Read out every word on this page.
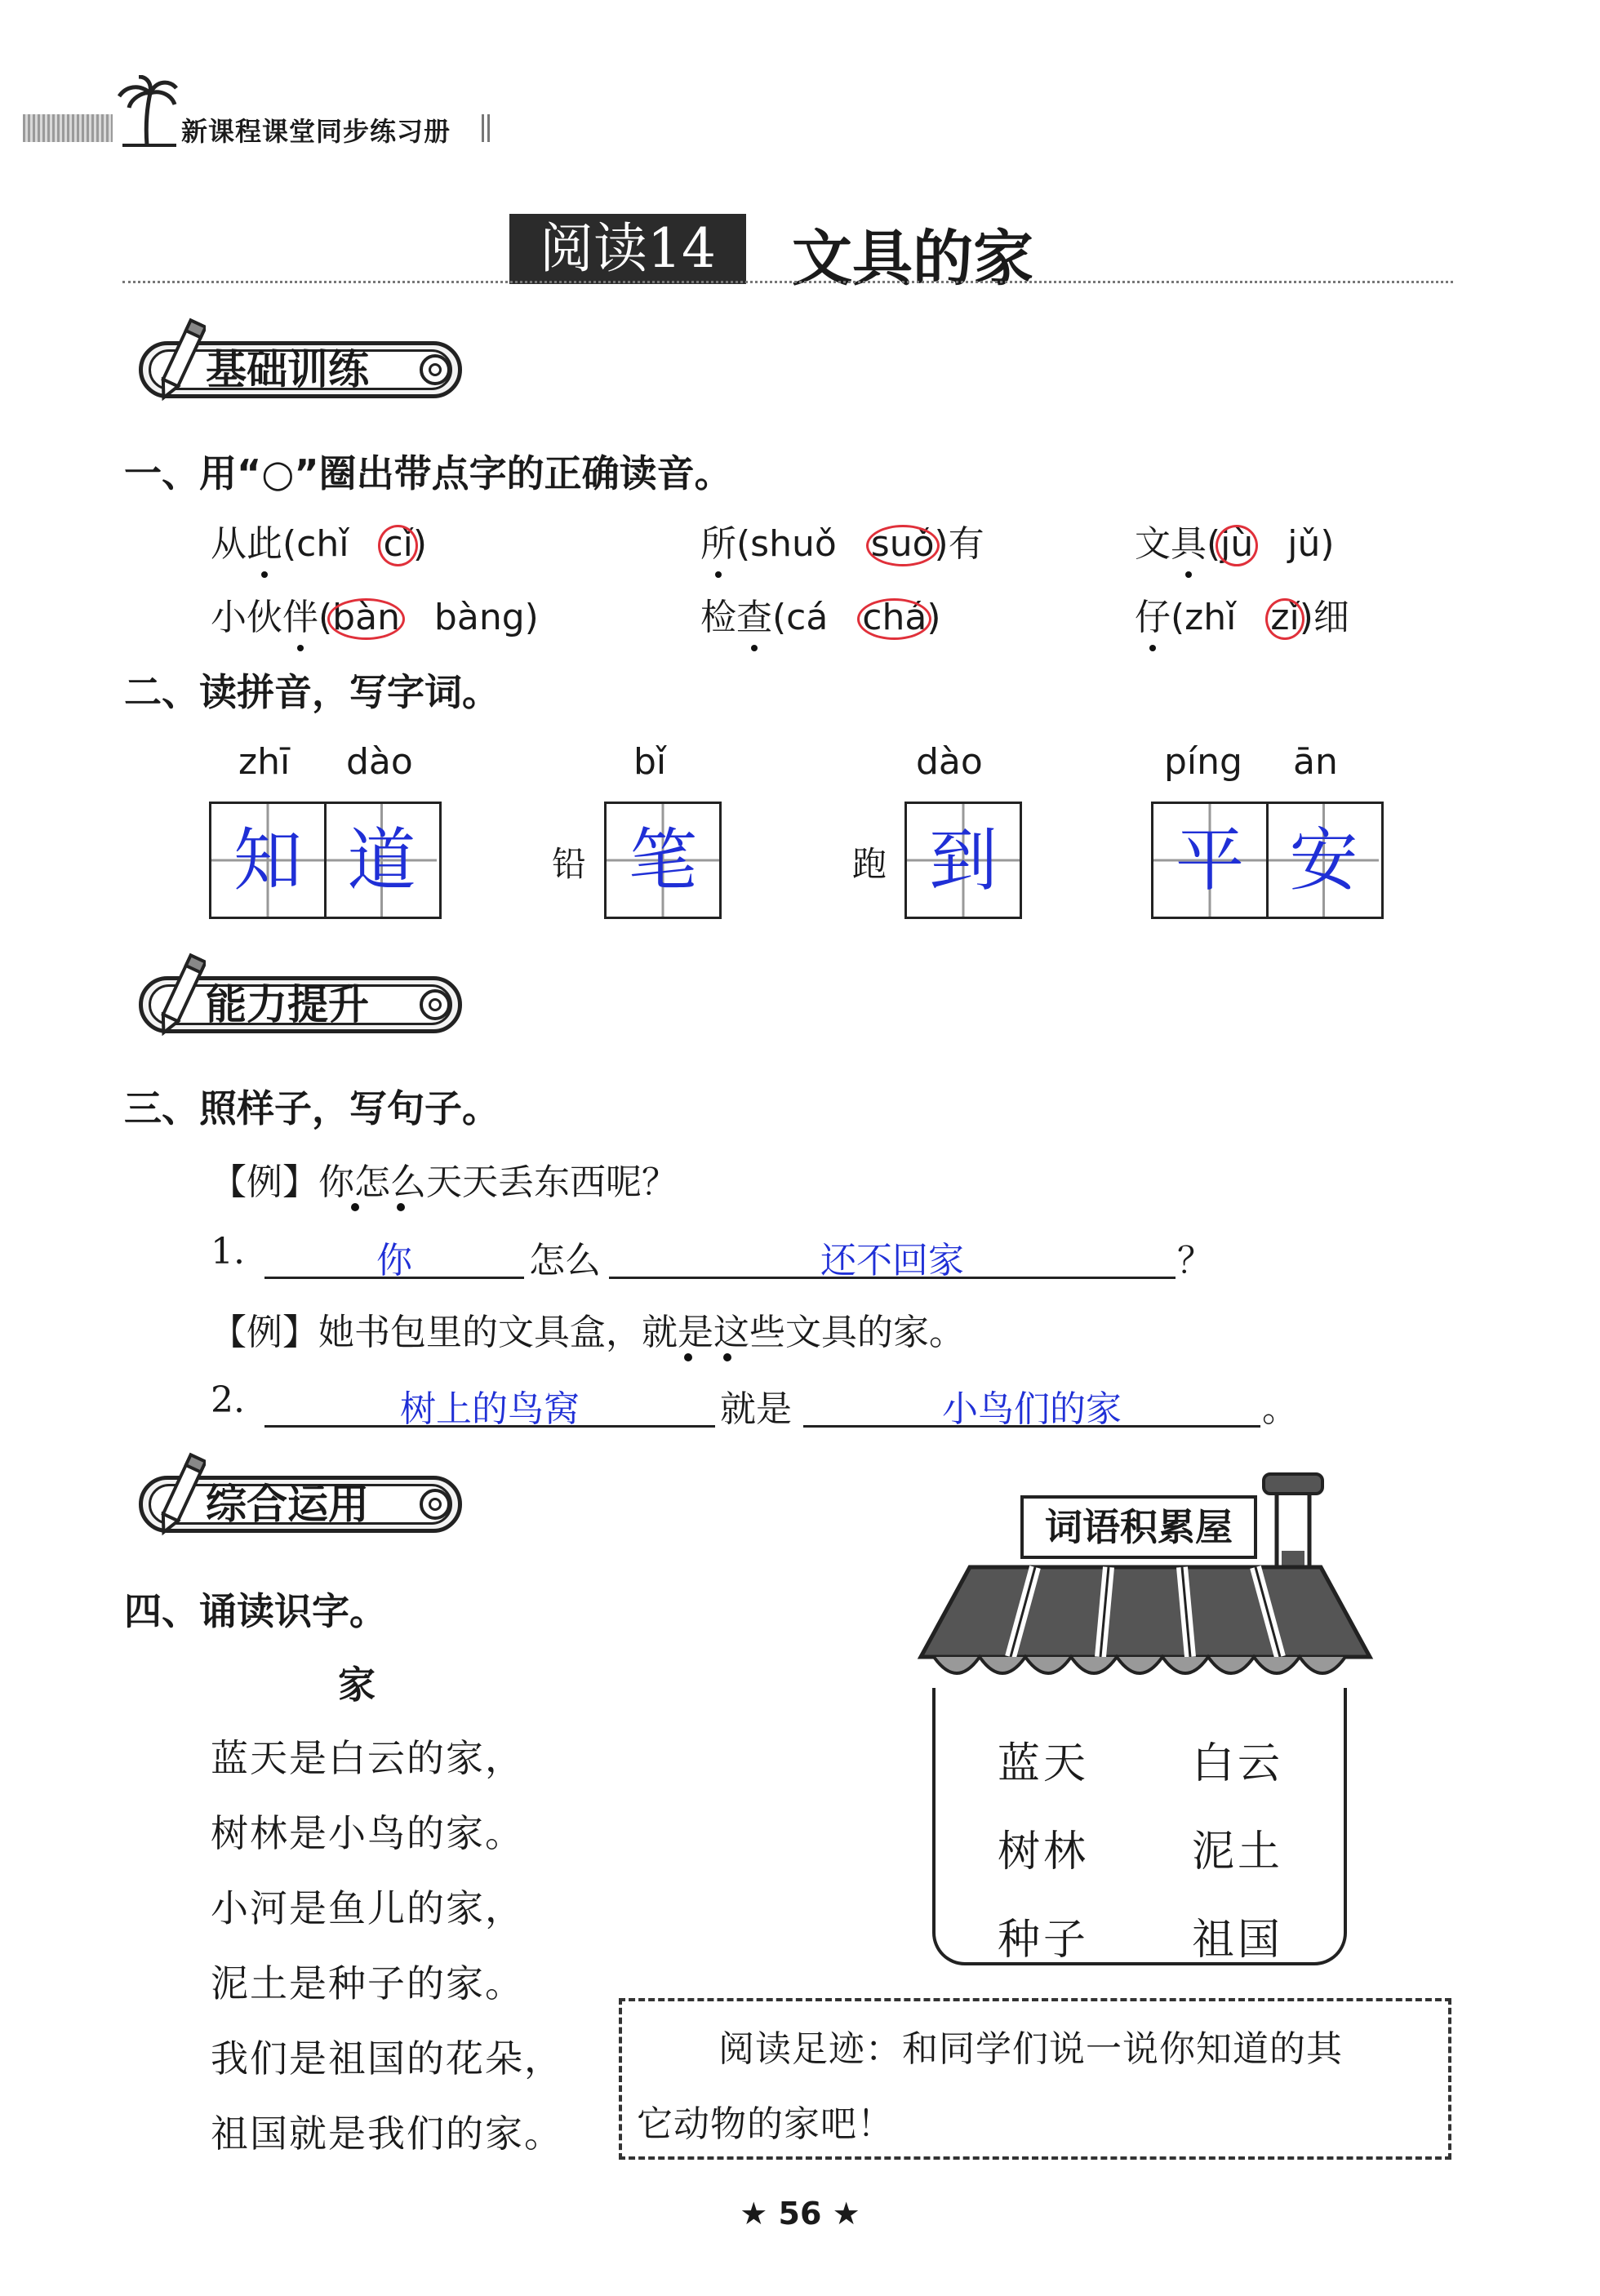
新课程课堂同步练习册
阅读14	文具的家
基础训练
一、用“○”圈出带点字的正确读音。
从此(chǐ cǐ)	所(shuǒ suǒ)有	文具(jù jǔ)
小伙伴(bàn bàng)	检查(cá chá)	仔(zhǐ zǐ)细
二、读拼音，写字词。
zhī dào
知 道
bǐ
铅 笔
dào
跑 到
píng ān
平 安
能力提升
三、照样子，写句子。
【例】你怎么天天丢东西呢？
1.	你	怎么	还不回家	？
【例】她书包里的文具盒，就是这些文具的家。
2.	树上的鸟窝	就是	小鸟们的家	。
综合运用
四、诵读识字。
家
蓝天是白云的家，
树林是小鸟的家。
小河是鱼儿的家，
泥土是种子的家。
我们是祖国的花朵，
祖国就是我们的家。
词语积累屋
蓝天 白云
树林 泥土
种子 祖国
阅读足迹：和同学们说一说你知道的其
它动物的家吧！
★ 56 ★
